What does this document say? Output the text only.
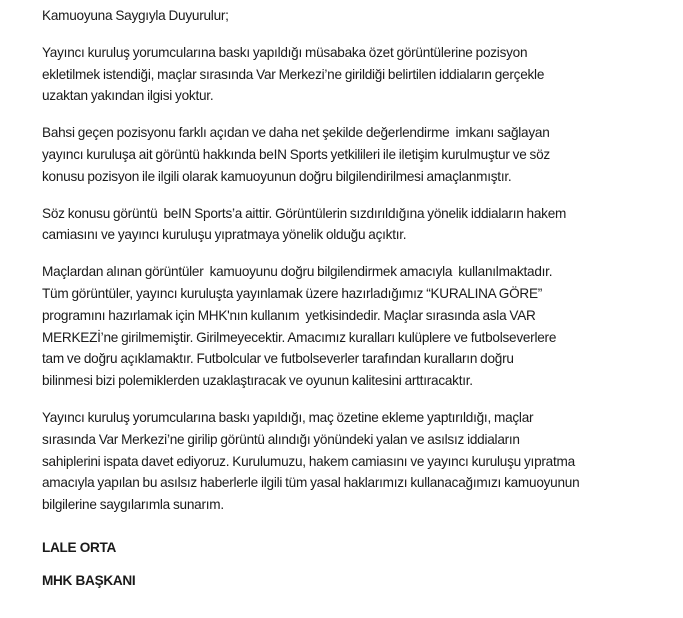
Kamuoyuna Saygıyla Duyurulur;
Yayıncı kuruluş yorumcularına baskı yapıldığı müsabaka özet görüntülerine pozisyon
ekletilmek istendiği, maçlar sırasında Var Merkezi’ne girildiği belirtilen iddiaların gerçekle
uzaktan yakından ilgisi yoktur.
Bahsi geçen pozisyonu farklı açıdan ve daha net şekilde değerlendirme  imkanı sağlayan
yayıncı kuruluşa ait görüntü hakkında beIN Sports yetkilileri ile iletişim kurulmuştur ve söz
konusu pozisyon ile ilgili olarak kamuoyunun doğru bilgilendirilmesi amaçlanmıştır.
Söz konusu görüntü  beIN Sports’a aittir. Görüntülerin sızdırıldığına yönelik iddiaların hakem
camiasını ve yayıncı kuruluşu yıpratmaya yönelik olduğu açıktır.
Maçlardan alınan görüntüler  kamuoyunu doğru bilgilendirmek amacıyla  kullanılmaktadır.
Tüm görüntüler, yayıncı kuruluşta yayınlamak üzere hazırladığımız “KURALINA GÖRE”
programını hazırlamak için MHK'nın kullanım  yetkisindedir. Maçlar sırasında asla VAR
MERKEZİ’ne girilmemiştir. Girilmeyecektir. Amacımız kuralları kulüplere ve futbolseverlere
tam ve doğru açıklamaktır. Futbolcular ve futbolseverler tarafından kuralların doğru
bilinmesi bizi polemiklerden uzaklaştıracak ve oyunun kalitesini arttıracaktır.
Yayıncı kuruluş yorumcularına baskı yapıldığı, maç özetine ekleme yaptırıldığı, maçlar
sırasında Var Merkezi’ne girilip görüntü alındığı yönündeki yalan ve asılsız iddiaların
sahiplerini ispata davet ediyoruz. Kurulumuzu, hakem camiasını ve yayıncı kuruluşu yıpratma
amacıyla yapılan bu asılsız haberlerle ilgili tüm yasal haklarımızı kullanacağımızı kamuoyunun
bilgilerine saygılarımla sunarım.
LALE ORTA
MHK BAŞKANI
